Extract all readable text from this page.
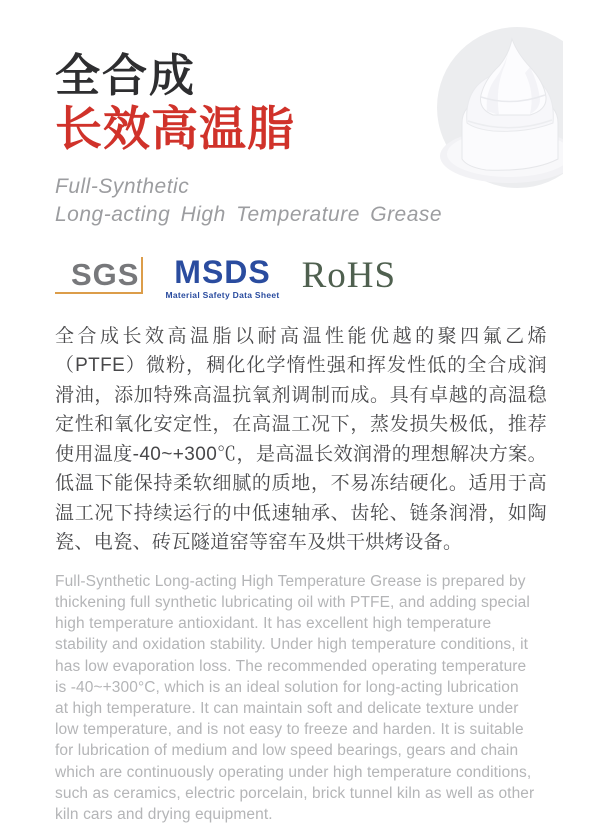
全合成
长效高温脂
Full-Synthetic
Long-acting High Temperature Grease
SGS MSDS
Material Safety Data Sheet RoHS

全合成长效高温脂以耐高温性能优越的聚四氟乙烯（PTFE）微粉，稠化化学惰性强和挥发性低的全合成润滑油，添加特殊高温抗氧剂调制而成。具有卓越的高温稳定性和氧化安定性，在高温工况下，蒸发损失极低，推荐使用温度-40~+300℃，是高温长效润滑的理想解决方案。低温下能保持柔软细腻的质地，不易冻结硬化。适用于高温工况下持续运行的中低速轴承、齿轮、链条润滑，如陶瓷、电瓷、砖瓦隧道窑等窑车及烘干烘烤设备。

Full-Synthetic Long-acting High Temperature Grease is prepared by thickening full synthetic lubricating oil with PTFE, and adding special high temperature antioxidant. It has excellent high temperature stability and oxidation stability. Under high temperature conditions, it has low evaporation loss. The recommended operating temperature is -40~+300°C, which is an ideal solution for long-acting lubrication at high temperature. It can maintain soft and delicate texture under low temperature, and is not easy to freeze and harden. It is suitable for lubrication of medium and low speed bearings, gears and chain which are continuously operating under high temperature conditions, such as ceramics, electric porcelain, brick tunnel kiln as well as other kiln cars and drying equipment.
